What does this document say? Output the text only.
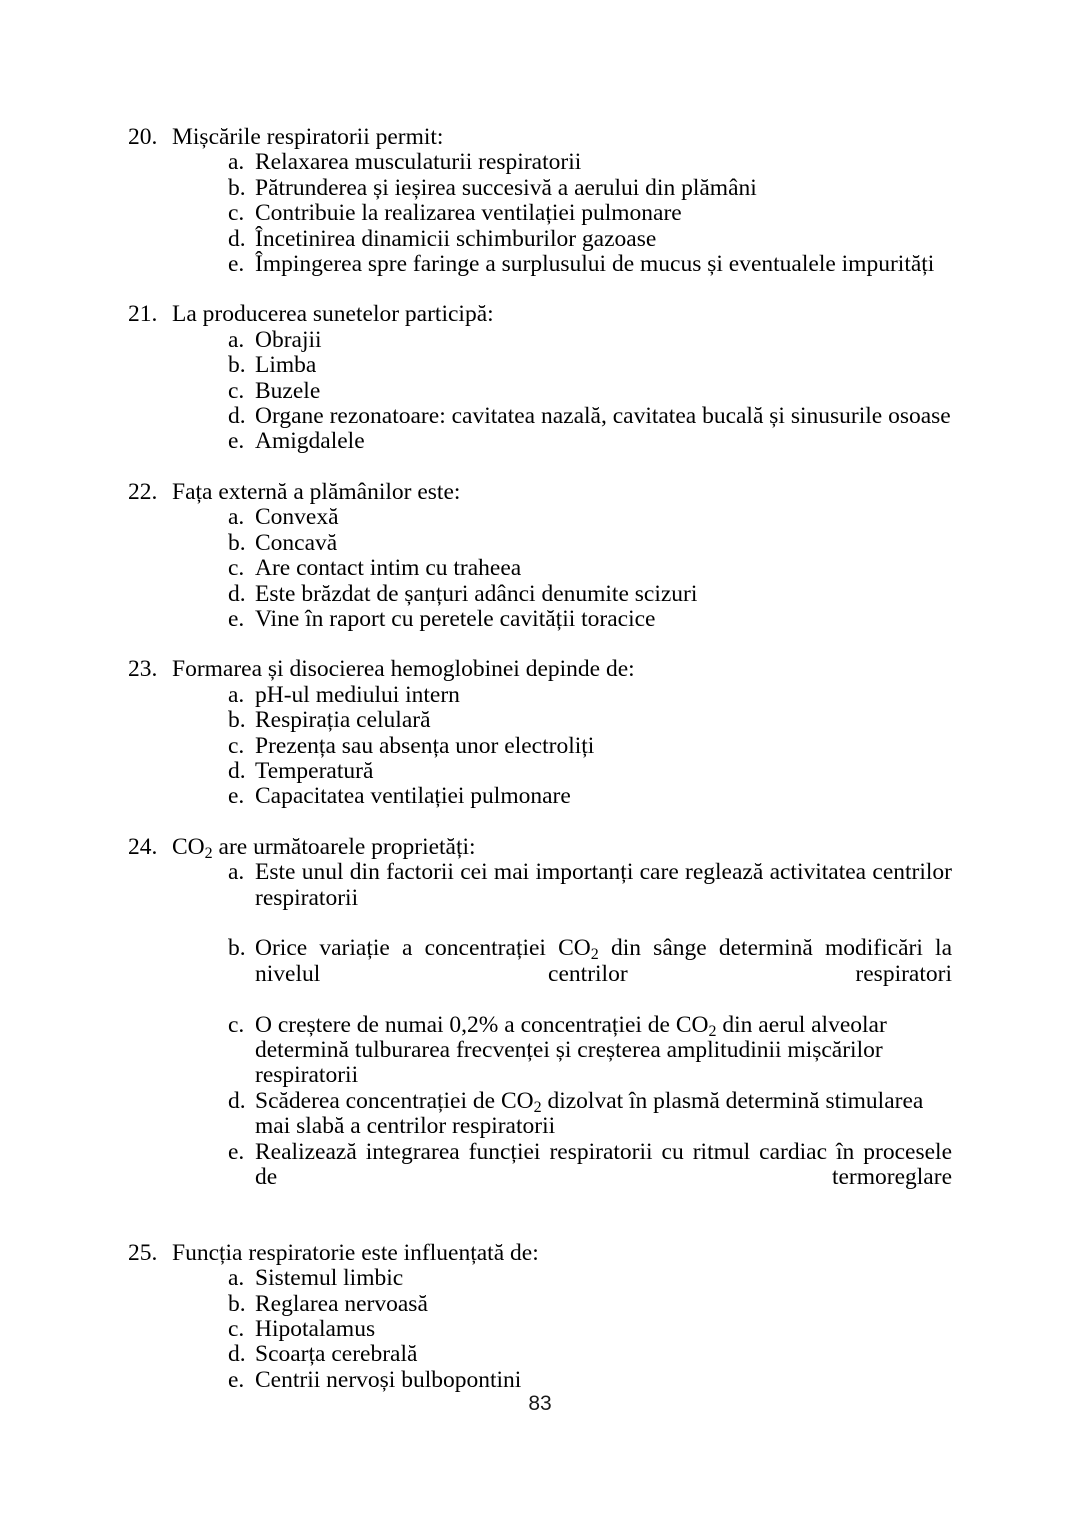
20. Mișcările respiratorii permit:
a. Relaxarea musculaturii respiratorii
b. Pătrunderea și ieșirea succesivă a aerului din plămâni
c. Contribuie la realizarea ventilației pulmonare
d. Încetinirea dinamicii schimburilor gazoase
e. Împingerea spre faringe a surplusului de mucus și eventualele impurități
21. La producerea sunetelor participă:
a. Obrajii
b. Limba
c. Buzele
d. Organe rezonatoare: cavitatea nazală, cavitatea bucală și sinusurile osoase
e. Amigdalele
22. Fața externă a plămânilor este:
a. Convexă
b. Concavă
c. Are contact intim cu traheea
d. Este brăzdat de șanțuri adânci denumite scizuri
e. Vine în raport cu peretele cavității toracice
23. Formarea și disocierea hemoglobinei depinde de:
a. pH-ul mediului intern
b. Respirația celulară
c. Prezența sau absența unor electroliți
d. Temperatură
e. Capacitatea ventilației pulmonare
24. $CO_2$ are următoarele proprietăți:
a. Este unul din factorii cei mai importanți care reglează activitatea centrilor respiratorii
b. Orice variație a concentrației $CO_2$ din sânge determină modificări la nivelul centrilor respiratori
c. O creștere de numai 0,2% a concentrației de $CO_2$ din aerul alveolar determină tulburarea frecvenței și creșterea amplitudinii mișcărilor respiratorii
d. Scăderea concentrației de $CO_2$ dizolvat în plasmă determină stimularea mai slabă a centrilor respiratorii
e. Realizează integrarea funcției respiratorii cu ritmul cardiac în procesele de termoreglare
25. Funcția respiratorie este influențată de:
a. Sistemul limbic
b. Reglarea nervoasă
c. Hipotalamus
d. Scoarța cerebrală
e. Centrii nervoși bulbopontini
83
